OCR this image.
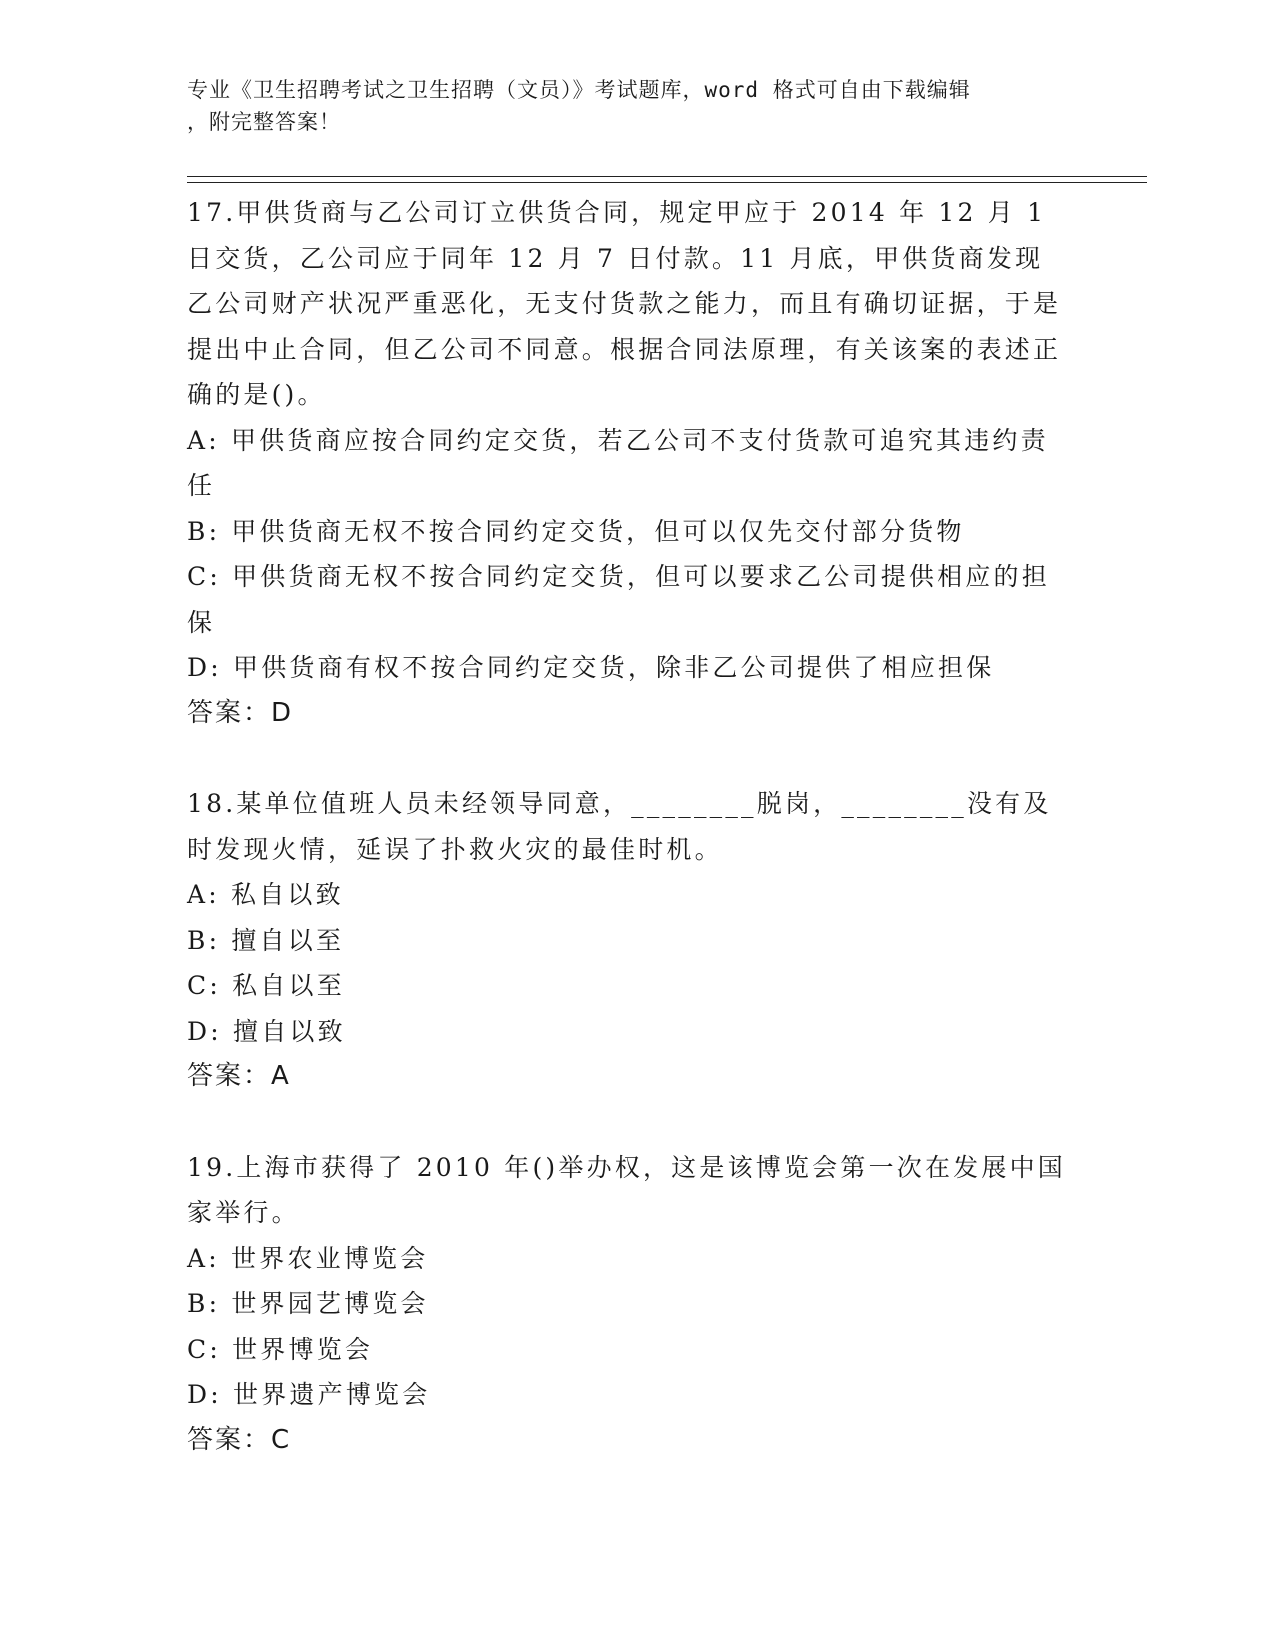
专业《卫生招聘考试之卫生招聘（文员）》考试题库，word 格式可自由下载编辑
，附完整答案！

17.甲供货商与乙公司订立供货合同，规定甲应于 2014 年 12 月 1 日交货，乙公司应于同年 12 月 7 日付款。11 月底，甲供货商发现乙公司财产状况严重恶化，无支付货款之能力，而且有确切证据，于是提出中止合同，但乙公司不同意。根据合同法原理，有关该案的表述正确的是()。

A: 甲供货商应按合同约定交货，若乙公司不支付货款可追究其违约责任

B: 甲供货商无权不按合同约定交货，但可以仅先交付部分货物

C: 甲供货商无权不按合同约定交货，但可以要求乙公司提供相应的担保

D: 甲供货商有权不按合同约定交货，除非乙公司提供了相应担保

答案：D

18.某单位值班人员未经领导同意，________脱岗，________没有及时发现火情，延误了扑救火灾的最佳时机。

A: 私自以致

B: 擅自以至

C: 私自以至

D: 擅自以致

答案：A

19.上海市获得了 2010 年()举办权，这是该博览会第一次在发展中国家举行。

A: 世界农业博览会

B: 世界园艺博览会

C: 世界博览会

D: 世界遗产博览会

答案：C
